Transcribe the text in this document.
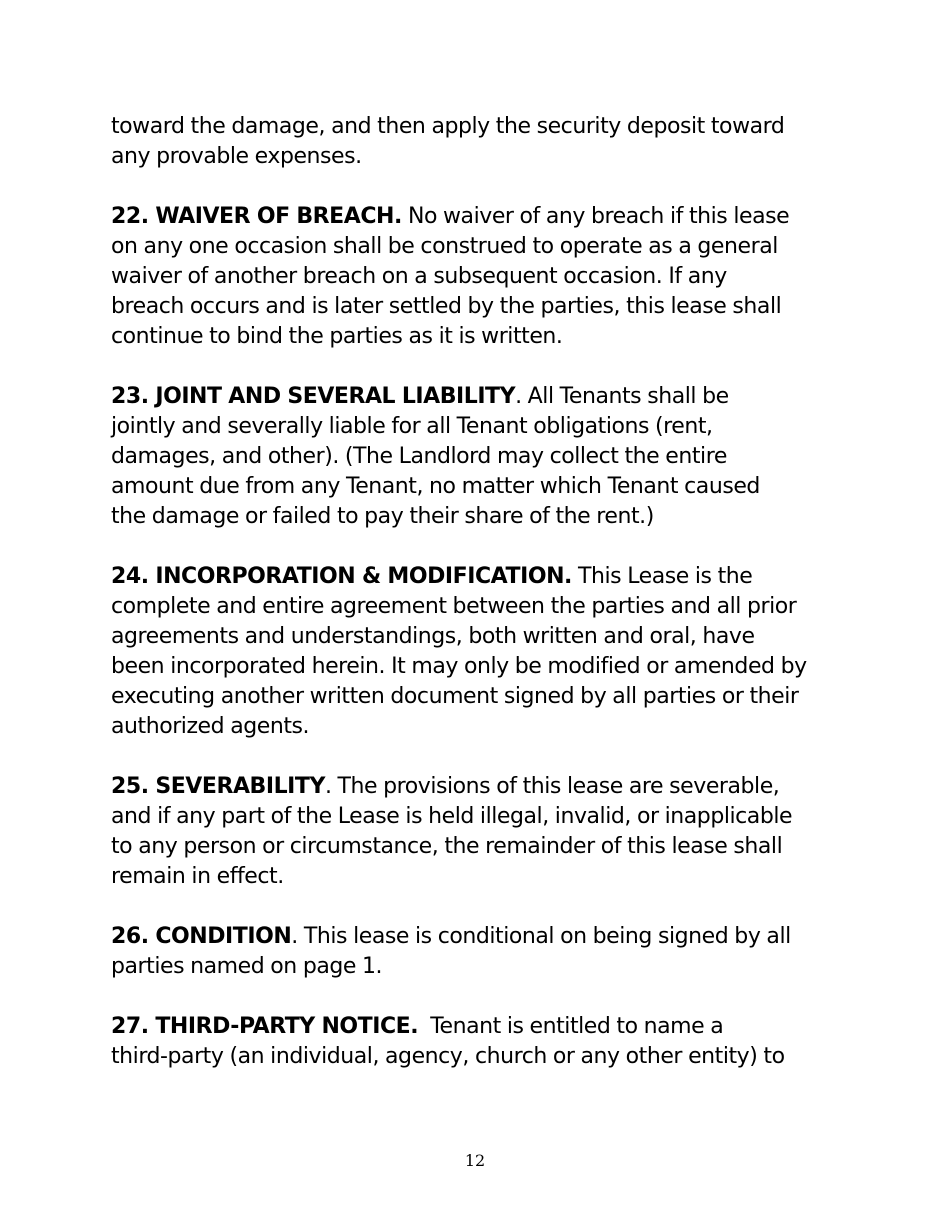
toward the damage, and then apply the security deposit toward
any provable expenses.

22. WAIVER OF BREACH. No waiver of any breach if this lease
on any one occasion shall be construed to operate as a general
waiver of another breach on a subsequent occasion. If any
breach occurs and is later settled by the parties, this lease shall
continue to bind the parties as it is written.

23. JOINT AND SEVERAL LIABILITY. All Tenants shall be
jointly and severally liable for all Tenant obligations (rent,
damages, and other). (The Landlord may collect the entire
amount due from any Tenant, no matter which Tenant caused
the damage or failed to pay their share of the rent.)

24. INCORPORATION & MODIFICATION. This Lease is the
complete and entire agreement between the parties and all prior
agreements and understandings, both written and oral, have
been incorporated herein. It may only be modified or amended by
executing another written document signed by all parties or their
authorized agents.

25. SEVERABILITY. The provisions of this lease are severable,
and if any part of the Lease is held illegal, invalid, or inapplicable
to any person or circumstance, the remainder of this lease shall
remain in effect.

26. CONDITION. This lease is conditional on being signed by all
parties named on page 1.

27. THIRD-PARTY NOTICE.  Tenant is entitled to name a
third-party (an individual, agency, church or any other entity) to

12
